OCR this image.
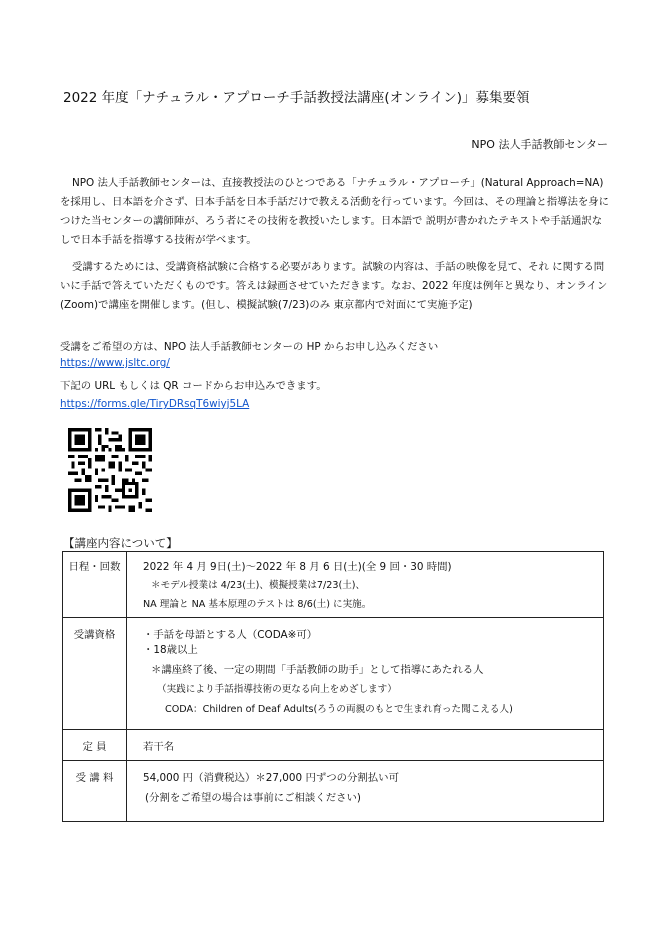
2022 年度「ナチュラル・アプローチ手話教授法講座(オンライン)」募集要領
NPO 法人手話教師センター

NPO 法人手話教師センターは、直接教授法のひとつである「ナチュラル・アプローチ」(Natural Approach=NA)を採用し、日本語を介さず、日本手話を日本手話だけで教える活動を行っています。今回は、その理論と指導法を身につけた当センターの講師陣が、ろう者にその技術を教授いたします。日本語で 説明が書かれたテキストや手話通訳なしで日本手話を指導する技術が学べます。

受講するためには、受講資格試験に合格する必要があります。試験の内容は、手話の映像を見て、それ に関する問いに手話で答えていただくものです。答えは録画させていただきます。なお、2022 年度は例年と異なり、オンライン(Zoom)で講座を開催します。(但し、模擬試験(7/23)のみ 東京都内で対面にて実施予定)

受講をご希望の方は、NPO 法人手話教師センターの HP からお申し込みください
https://www.jsltc.org/
下記の URL もしくは QR コードからお申込みできます。
https://forms.gle/TiryDRsqT6wiyj5LA
【講座内容について】
日程・回数	2022 年 4 月 9日(土)～2022 年 8 月 6 日(土)(全 9 回・30 時間)
＊モデル授業は 4/23(土)、模擬授業は7/23(土)、
NA 理論と NA 基本原理のテストは 8/6(土) に実施。

受講資格	・手話を母語とする人（CODA※可）
・18歳以上
＊講座終了後、一定の期間「手話教師の助手」として指導にあたれる人
（実践により手話指導技術の更なる向上をめざします）
CODA：Children of Deaf Adults(ろうの両親のもとで生まれ育った聞こえる人)

定 員	若干名

受 講 料	54,000 円（消費税込）＊27,000 円ずつの分割払い可
(分割をご希望の場合は事前にご相談ください)
